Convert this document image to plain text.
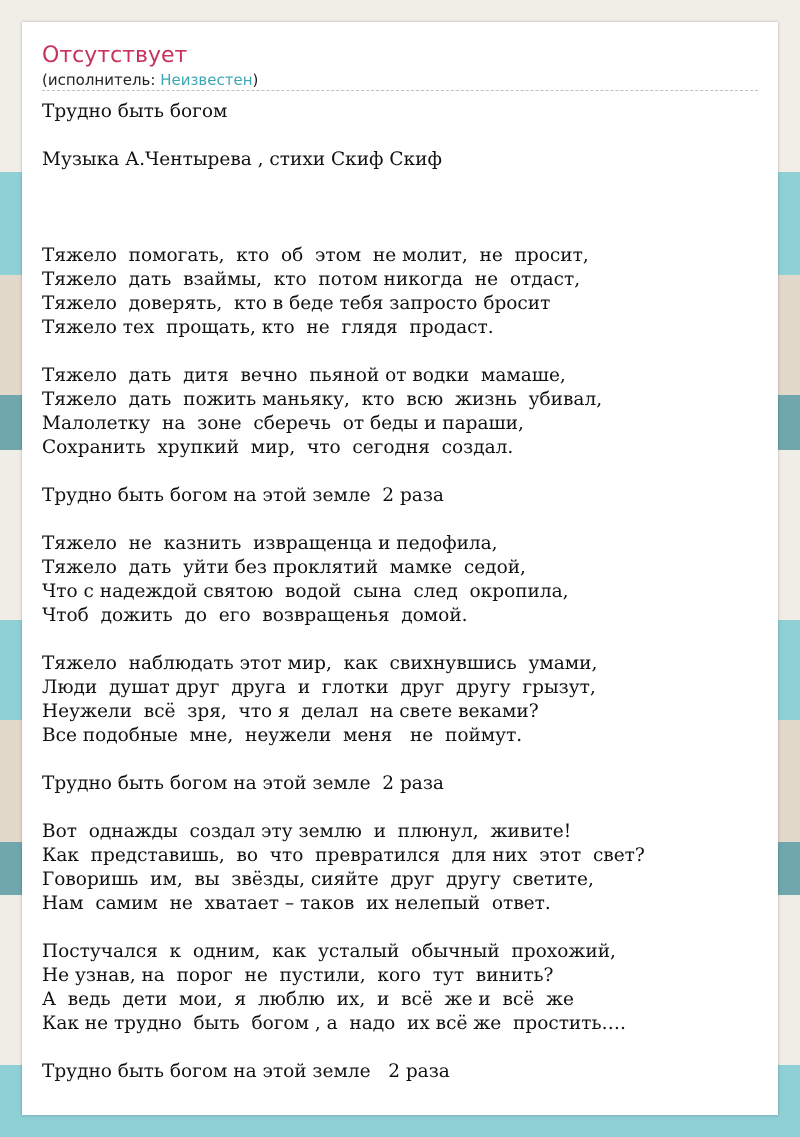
Отсутствует
(исполнитель: Неизвестен)
Трудно быть богом
Музыка А.Чентырева , стихи Скиф Скиф
Тяжело  помогать,  кто  об  этом  не молит,  не  просит,
Тяжело  дать  взаймы,  кто  потом никогда  не  отдаст,
Тяжело  доверять,  кто в беде тебя запросто бросит
Тяжело тех  прощать, кто  не  глядя  продаст.
Тяжело  дать  дитя  вечно  пьяной от водки  мамаше,
Тяжело  дать  пожить маньяку,  кто  всю  жизнь  убивал,
Малолетку  на  зоне  сберечь  от беды и параши,
Сохранить  хрупкий  мир,  что  сегодня  создал.
Трудно быть богом на этой земле  2 раза
Тяжело  не  казнить  извращенца и педофила,
Тяжело  дать  уйти без проклятий  мамке  седой,
Что с надеждой святою  водой  сына  след  окропила,
Чтоб  дожить  до  его  возвращенья  домой.
Тяжело  наблюдать этот мир,  как  свихнувшись  умами,
Люди  душат друг  друга  и  глотки  друг  другу  грызут,
Неужели  всё  зря,  что я  делал  на свете веками?
Все подобные  мне,  неужели  меня   не  поймут.
Трудно быть богом на этой земле  2 раза
Вот  однажды  создал эту землю  и  плюнул,  живите!
Как  представишь,  во  что  превратился  для них  этот  свет?
Говоришь  им,  вы  звёзды, сияйте  друг  другу  светите,
Нам  самим  не  хватает – таков  их нелепый  ответ.
Постучался  к  одним,  как  усталый  обычный  прохожий,
Не узнав, на  порог  не  пустили,  кого  тут  винить?
А  ведь  дети  мои,  я  люблю  их,  и  всё  же и  всё  же
Как не трудно  быть  богом , а  надо  их всё же  простить….
Трудно быть богом на этой земле   2 раза
